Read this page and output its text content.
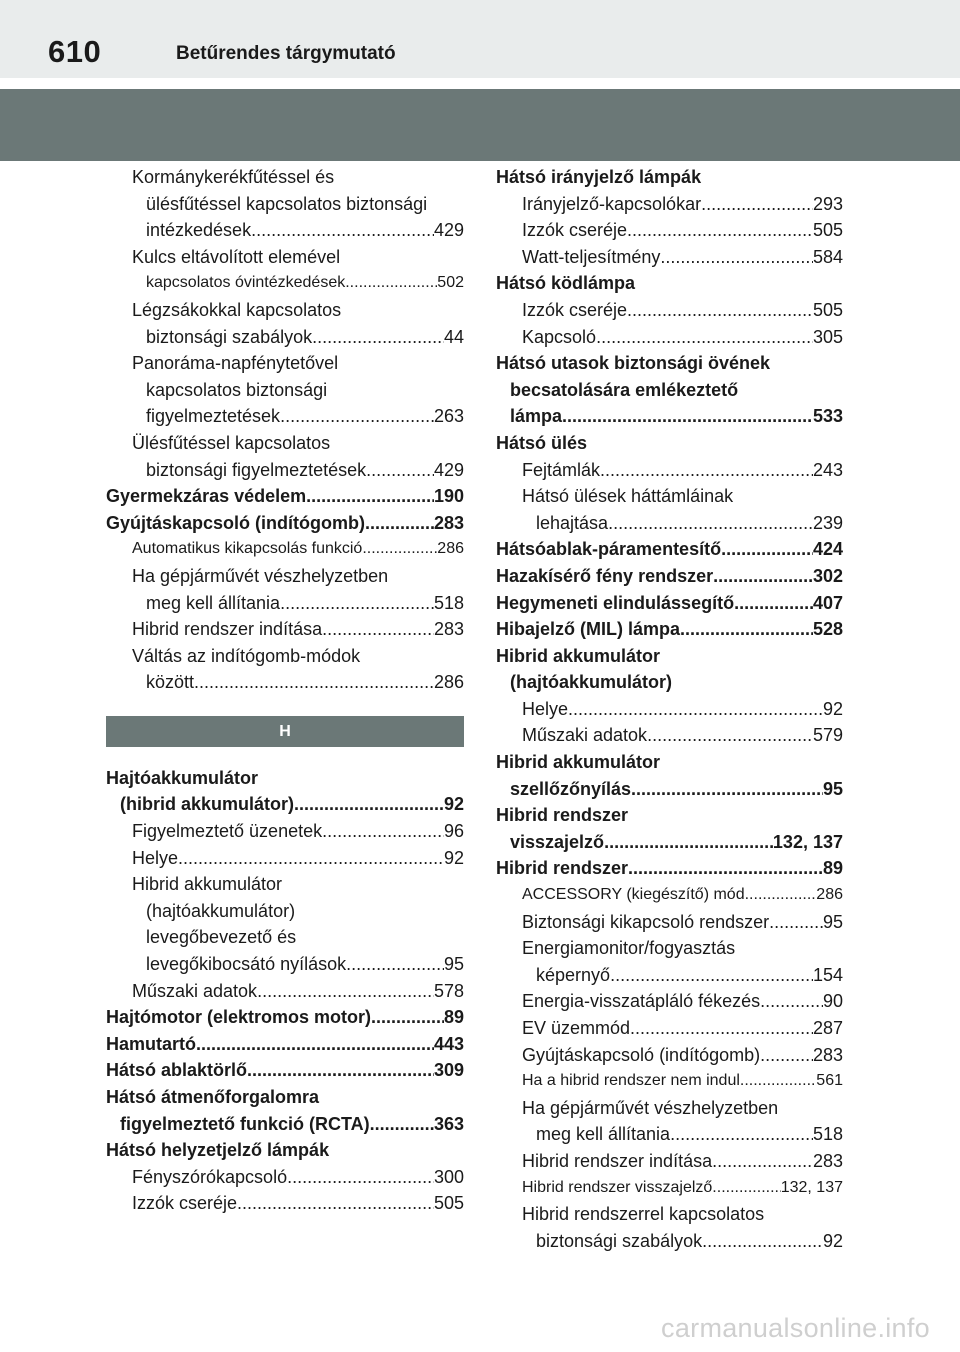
610	Betűrendes tárgymutató
Kormánykerékfűtéssel és
ülésfűtéssel kapcsolatos biztonsági
intézkedések .....	429
Kulcs eltávolított elemével
kapcsolatos óvintézkedések .....	502
Légzsákokkal kapcsolatos
biztonsági szabályok .....	44
Panoráma-napfénytetővel
kapcsolatos biztonsági
figyelmeztetések .....	263
Ülésfűtéssel kapcsolatos
biztonsági figyelmeztetések .....	429
Gyermekzáras védelem .....	190
Gyújtáskapcsoló (indítógomb) .....	283
Automatikus kikapcsolás funkció .....	286
Ha gépjárművét vészhelyzetben
meg kell állítania .....	518
Hibrid rendszer indítása .....	283
Váltás az indítógomb-módok
között .....	286
H
Hajtóakkumulátor
(hibrid akkumulátor) .....	92
Figyelmeztető üzenetek .....	96
Helye .....	92
Hibrid akkumulátor
(hajtóakkumulátor)
levegőbevezető és
levegőkibocsátó nyílások .....	95
Műszaki adatok .....	578
Hajtómotor (elektromos motor) .....	89
Hamutartó .....	443
Hátsó ablaktörlő .....	309
Hátsó átmenőforgalomra
figyelmeztető funkció (RCTA) .....	363
Hátsó helyzetjelző lámpák
Fényszórókapcsoló .....	300
Izzók cseréje .....	505
Hátsó irányjelző lámpák
Irányjelző-kapcsolókar .....	293
Izzók cseréje .....	505
Watt-teljesítmény .....	584
Hátsó ködlámpa
Izzók cseréje .....	505
Kapcsoló .....	305
Hátsó utasok biztonsági övének
becsatolására emlékeztető
lámpa .....	533
Hátsó ülés
Fejtámlák .....	243
Hátsó ülések háttámláinak
lehajtása .....	239
Hátsóablak-páramentesítő .....	424
Hazakísérő fény rendszer .....	302
Hegymeneti elindulássegítő .....	407
Hibajelző (MIL) lámpa .....	528
Hibrid akkumulátor
(hajtóakkumulátor)
Helye .....	92
Műszaki adatok .....	579
Hibrid akkumulátor
szellőzőnyílás .....	95
Hibrid rendszer
visszajelző .....	132, 137
Hibrid rendszer .....	89
ACCESSORY (kiegészítő) mód .....	286
Biztonsági kikapcsoló rendszer .....	95
Energiamonitor/fogyasztás
képernyő .....	154
Energia-visszatápláló fékezés .....	90
EV üzemmód .....	287
Gyújtáskapcsoló (indítógomb) .....	283
Ha a hibrid rendszer nem indul .....	561
Ha gépjárművét vészhelyzetben
meg kell állítania .....	518
Hibrid rendszer indítása .....	283
Hibrid rendszer visszajelző .....	132, 137
Hibrid rendszerrel kapcsolatos
biztonsági szabályok .....	92
carmanualsonline.info
